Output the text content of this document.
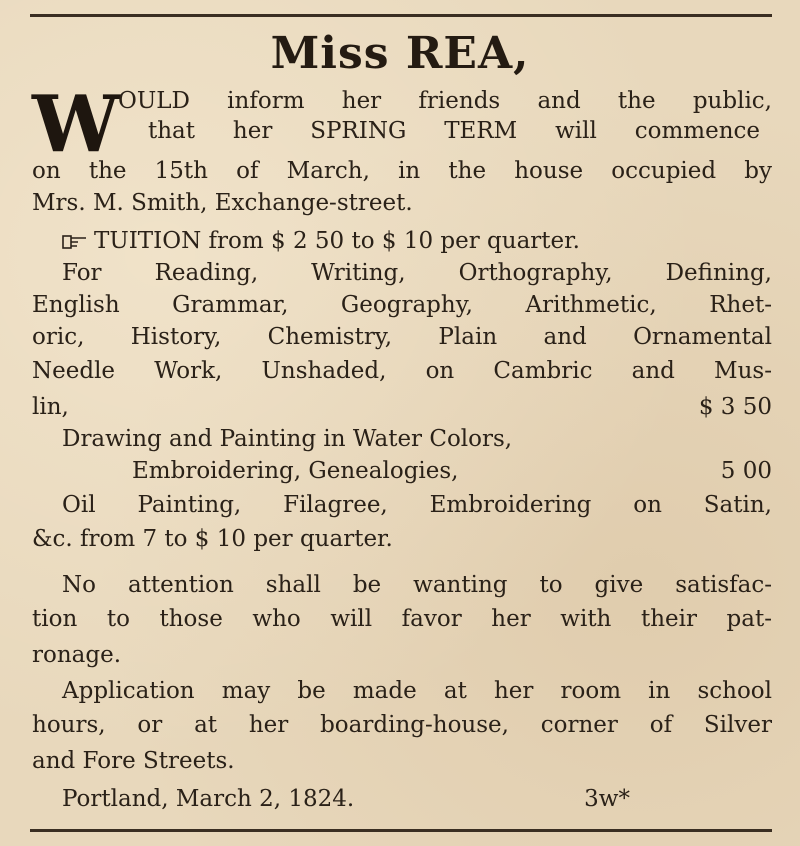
Miss REA,
W
OULD inform her friends and the public,
that her SPRING TERM will commence
on the 15th of March, in the house occupied by
Mrs. M. Smith, Exchange-street.
TUITION from $ 2 50 to $ 10 per quarter.
For Reading, Writing, Orthography, Defining,
English Grammar, Geography, Arithmetic, Rhet-
oric, History, Chemistry, Plain and Ornamental
Needle Work, Unshaded, on Cambric and Mus-
lin,	$ 3 50
Drawing and Painting in Water Colors,
Embroidering, Genealogies,	5 00
Oil Painting, Filagree, Embroidering on Satin,
&c. from 7 to $ 10 per quarter.
No attention shall be wanting to give satisfac-
tion to those who will favor her with their pat-
ronage.
Application may be made at her room in school
hours, or at her boarding-house, corner of Silver
and Fore Streets.
Portland, March 2, 1824.	3w*
